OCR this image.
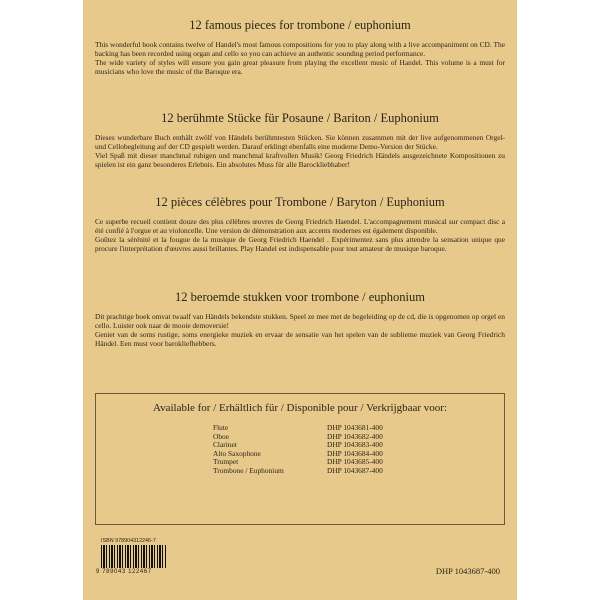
12 famous pieces for trombone / euphonium
This wonderful book contains twelve of Handel's most famous compositions for you to play along with a live accompaniment on CD. The backing has been recorded using organ and cello so you can achieve an authentic sounding period performance.
The wide variety of styles will ensure you gain great pleasure from playing the excellent music of Handel. This volume is a must for musicians who love the music of the Baroque era.
12 berühmte Stücke für Posaune / Bariton / Euphonium
Dieses wunderbare Buch enthält zwölf von Händels berühmtesten Stücken. Sie können zusammen mit der live aufgenommenen Orgel- und Cellobegleitung auf der CD gespielt werden. Darauf erklingt ebenfalls eine moderne Demo-Version der Stücke.
Viel Spaß mit dieser manchmal ruhigen und manchmal kraftvollen Musik! Georg Friedrich Händels ausgezeichnete Kompositionen zu spielen ist ein ganz besonderes Erlebnis. Ein absolutes Muss für alle Barockliebhaber!
12 pièces célèbres pour Trombone / Baryton / Euphonium
Ce superbe recueil contient douze des plus célèbres œuvres de Georg Friedrich Haendel. L'accompagnement musical sur compact disc a été confié à l'orgue et au violoncelle. Une version de démonstration aux accents modernes est également disponible.
Goûtez la sérénité et la fougue de la musique de Georg Friedrich Haendel . Expérimentez sans plus attendre la sensation unique que procure l'interprétation d'œuvres aussi brillantes. Play Handel est indispensable pour tout amateur de musique baroque.
12 beroemde stukken voor trombone / euphonium
Dit prachtige boek omvat twaalf van Händels bekendste stukken. Speel ze mee met de begeleiding op de cd, die is opgenomen op orgel en cello. Luister ook naar de mooie demoversie!
Geniet van de soms rustige, soms energieke muziek en ervaar de sensatie van het spelen van de sublieme muziek van Georg Friedrich Händel. Een must voor barokliefhebbers.
Available for / Erhältlich für / Disponible pour / Verkrijgbaar voor:
Flute	DHP 1043681-400
Oboe	DHP 1043682-400
Clarinet	DHP 1043683-400
Alto Saxophone	DHP 1043684-400
Trumpet	DHP 1043685-400
Trombone / Euphonium	DHP 1043687-400
ISBN 978904312246-7
9 789043 122467	DHP 1043687-400
